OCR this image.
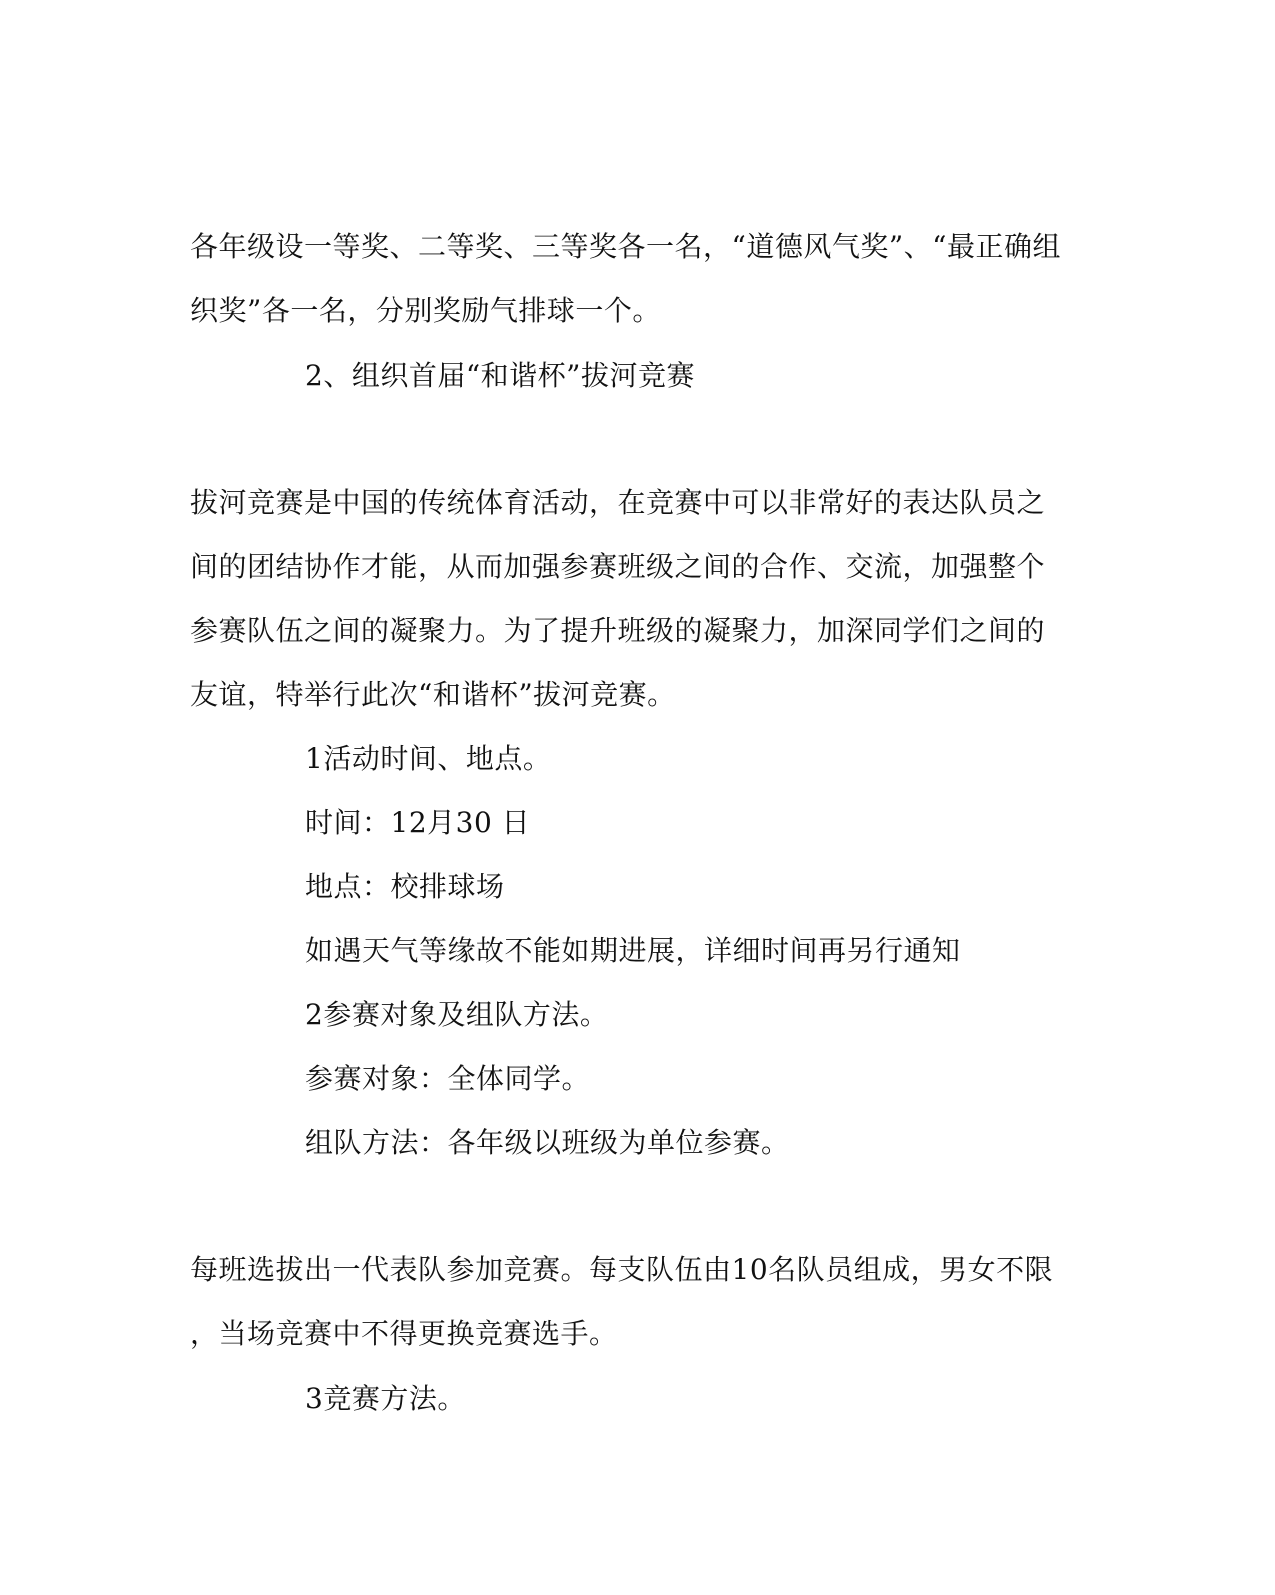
各年级设一等奖、二等奖、三等奖各一名，“道德风气奖”、“最正确组
织奖”各一名，分别奖励气排球一个。
2、组织首届“和谐杯”拔河竞赛
拔河竞赛是中国的传统体育活动，在竞赛中可以非常好的表达队员之
间的团结协作才能，从而加强参赛班级之间的合作、交流，加强整个
参赛队伍之间的凝聚力。为了提升班级的凝聚力，加深同学们之间的
友谊，特举行此次“和谐杯”拔河竞赛。
1活动时间、地点。
时间：12月30 日
地点：校排球场
如遇天气等缘故不能如期进展，详细时间再另行通知
2参赛对象及组队方法。
参赛对象：全体同学。
组队方法：各年级以班级为单位参赛。
每班选拔出一代表队参加竞赛。每支队伍由10名队员组成，男女不限
，当场竞赛中不得更换竞赛选手。
3竞赛方法。
